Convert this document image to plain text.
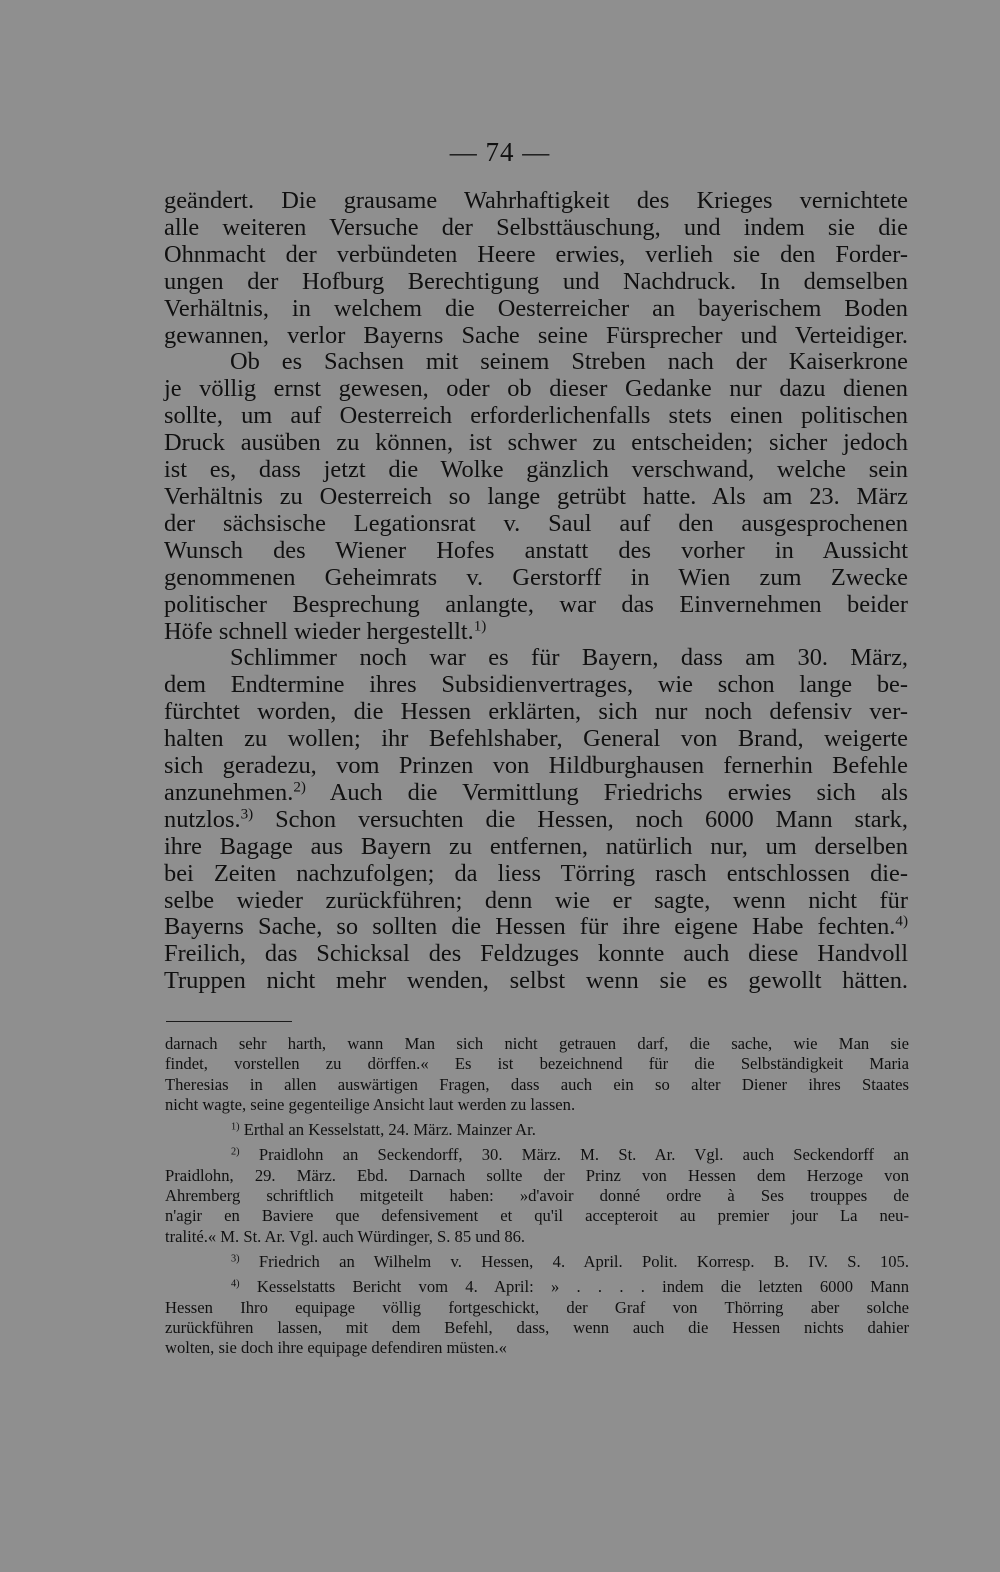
— 74 —
geändert. Die grausame Wahrhaftigkeit des Krieges vernichtete
alle weiteren Versuche der Selbsttäuschung, und indem sie die
Ohnmacht der verbündeten Heere erwies, verlieh sie den Forder-
ungen der Hofburg Berechtigung und Nachdruck. In demselben
Verhältnis, in welchem die Oesterreicher an bayerischem Boden
gewannen, verlor Bayerns Sache seine Fürsprecher und Verteidiger.
Ob es Sachsen mit seinem Streben nach der Kaiserkrone
je völlig ernst gewesen, oder ob dieser Gedanke nur dazu dienen
sollte, um auf Oesterreich erforderlichenfalls stets einen politischen
Druck ausüben zu können, ist schwer zu entscheiden; sicher jedoch
ist es, dass jetzt die Wolke gänzlich verschwand, welche sein
Verhältnis zu Oesterreich so lange getrübt hatte. Als am 23. März
der sächsische Legationsrat v. Saul auf den ausgesprochenen
Wunsch des Wiener Hofes anstatt des vorher in Aussicht
genommenen Geheimrats v. Gerstorff in Wien zum Zwecke
politischer Besprechung anlangte, war das Einvernehmen beider
Höfe schnell wieder hergestellt.$^{1)}$
Schlimmer noch war es für Bayern, dass am 30. März,
dem Endtermine ihres Subsidienvertrages, wie schon lange be-
fürchtet worden, die Hessen erklärten, sich nur noch defensiv ver-
halten zu wollen; ihr Befehlshaber, General von Brand, weigerte
sich geradezu, vom Prinzen von Hildburghausen fernerhin Befehle
anzunehmen.$^{2)}$ Auch die Vermittlung Friedrichs erwies sich als
nutzlos.$^{3)}$ Schon versuchten die Hessen, noch 6000 Mann stark,
ihre Bagage aus Bayern zu entfernen, natürlich nur, um derselben
bei Zeiten nachzufolgen; da liess Törring rasch entschlossen die-
selbe wieder zurückführen; denn wie er sagte, wenn nicht für
Bayerns Sache, so sollten die Hessen für ihre eigene Habe fechten.$^{4)}$
Freilich, das Schicksal des Feldzuges konnte auch diese Handvoll
Truppen nicht mehr wenden, selbst wenn sie es gewollt hätten.
darnach sehr harth, wann Man sich nicht getrauen darf, die sache, wie Man sie
findet, vorstellen zu dörffen.« Es ist bezeichnend für die Selbständigkeit Maria
Theresias in allen auswärtigen Fragen, dass auch ein so alter Diener ihres Staates
nicht wagte, seine gegenteilige Ansicht laut werden zu lassen.
$^{1)}$ Erthal an Kesselstatt, 24. März. Mainzer Ar.
$^{2)}$ Praidlohn an Seckendorff, 30. März. M. St. Ar. Vgl. auch Seckendorff an
Praidlohn, 29. März. Ebd. Darnach sollte der Prinz von Hessen dem Herzoge von
Ahremberg schriftlich mitgeteilt haben: »d'avoir donné ordre à Ses trouppes de
n'agir en Baviere que defensivement et qu'il accepteroit au premier jour La neu-
tralité.« M. St. Ar. Vgl. auch Würdinger, S. 85 und 86.
$^{3)}$ Friedrich an Wilhelm v. Hessen, 4. April. Polit. Korresp. B. IV. S. 105.
$^{4)}$ Kesselstatts Bericht vom 4. April: » . . . . indem die letzten 6000 Mann
Hessen Ihro equipage völlig fortgeschickt, der Graf von Thörring aber solche
zurückführen lassen, mit dem Befehl, dass, wenn auch die Hessen nichts dahier
wolten, sie doch ihre equipage defendiren müsten.«
